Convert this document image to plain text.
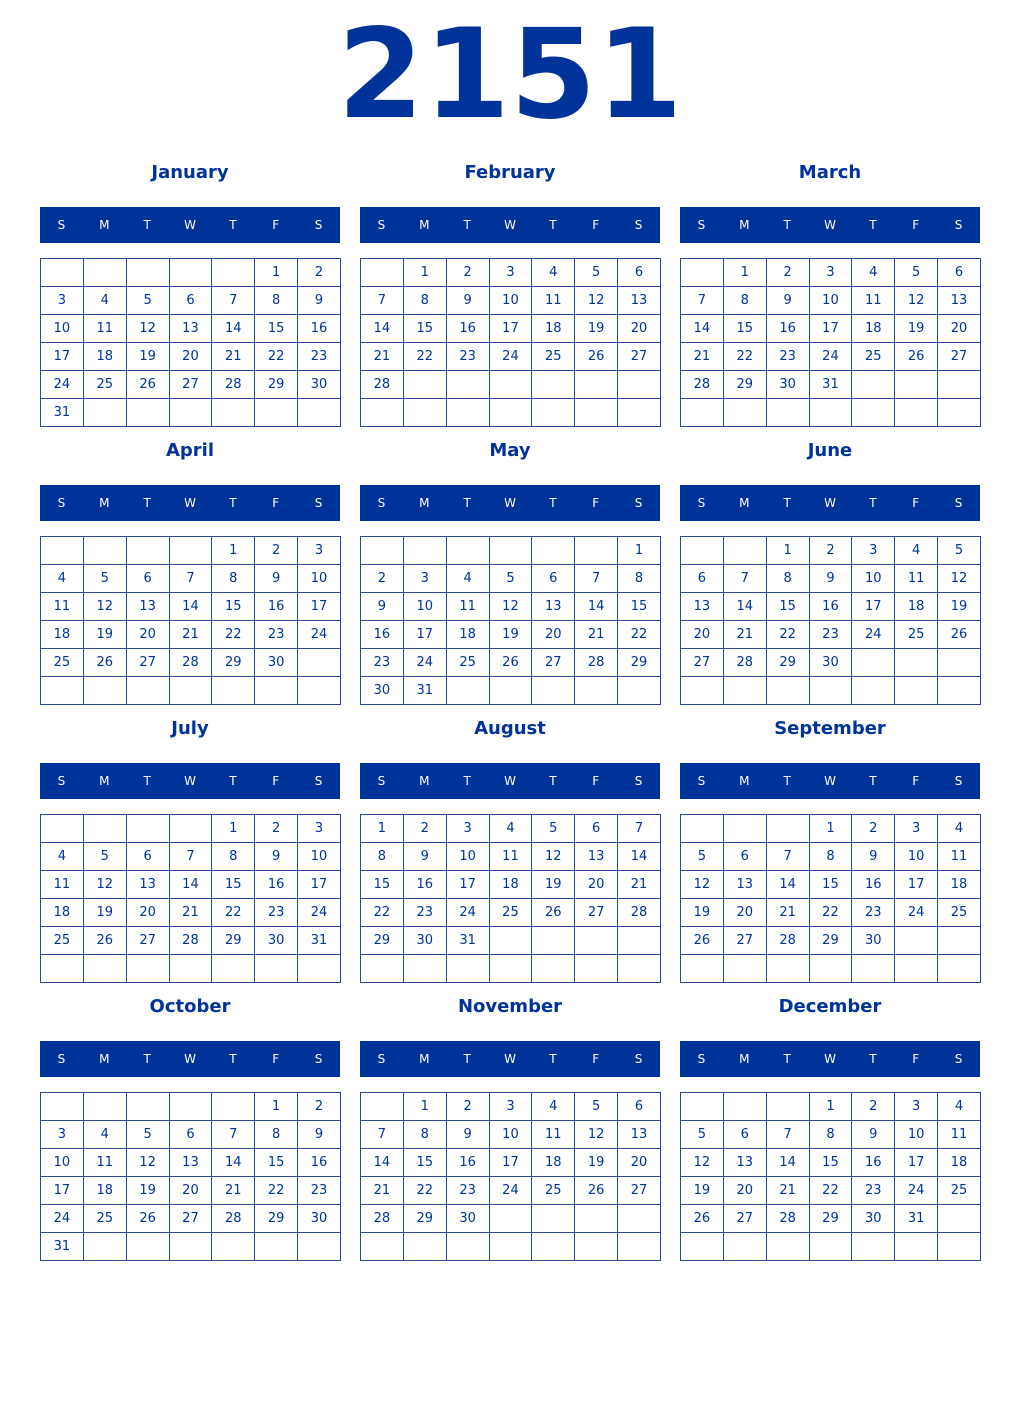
2151
January
S	M	T	W	T	F	S
					1	2
3	4	5	6	7	8	9
10	11	12	13	14	15	16
17	18	19	20	21	22	23
24	25	26	27	28	29	30
31						
February
S	M	T	W	T	F	S
	1	2	3	4	5	6
7	8	9	10	11	12	13
14	15	16	17	18	19	20
21	22	23	24	25	26	27
28						

March
S	M	T	W	T	F	S
	1	2	3	4	5	6
7	8	9	10	11	12	13
14	15	16	17	18	19	20
21	22	23	24	25	26	27
28	29	30	31			

April
S	M	T	W	T	F	S
				1	2	3
4	5	6	7	8	9	10
11	12	13	14	15	16	17
18	19	20	21	22	23	24
25	26	27	28	29	30	

May
S	M	T	W	T	F	S
						1
2	3	4	5	6	7	8
9	10	11	12	13	14	15
16	17	18	19	20	21	22
23	24	25	26	27	28	29
30	31					
June
S	M	T	W	T	F	S
		1	2	3	4	5
6	7	8	9	10	11	12
13	14	15	16	17	18	19
20	21	22	23	24	25	26
27	28	29	30			

July
S	M	T	W	T	F	S
				1	2	3
4	5	6	7	8	9	10
11	12	13	14	15	16	17
18	19	20	21	22	23	24
25	26	27	28	29	30	31

August
S	M	T	W	T	F	S
1	2	3	4	5	6	7
8	9	10	11	12	13	14
15	16	17	18	19	20	21
22	23	24	25	26	27	28
29	30	31				

September
S	M	T	W	T	F	S
			1	2	3	4
5	6	7	8	9	10	11
12	13	14	15	16	17	18
19	20	21	22	23	24	25
26	27	28	29	30		

October
S	M	T	W	T	F	S
					1	2
3	4	5	6	7	8	9
10	11	12	13	14	15	16
17	18	19	20	21	22	23
24	25	26	27	28	29	30
31						
November
S	M	T	W	T	F	S
	1	2	3	4	5	6
7	8	9	10	11	12	13
14	15	16	17	18	19	20
21	22	23	24	25	26	27
28	29	30				

December
S	M	T	W	T	F	S
			1	2	3	4
5	6	7	8	9	10	11
12	13	14	15	16	17	18
19	20	21	22	23	24	25
26	27	28	29	30	31	
